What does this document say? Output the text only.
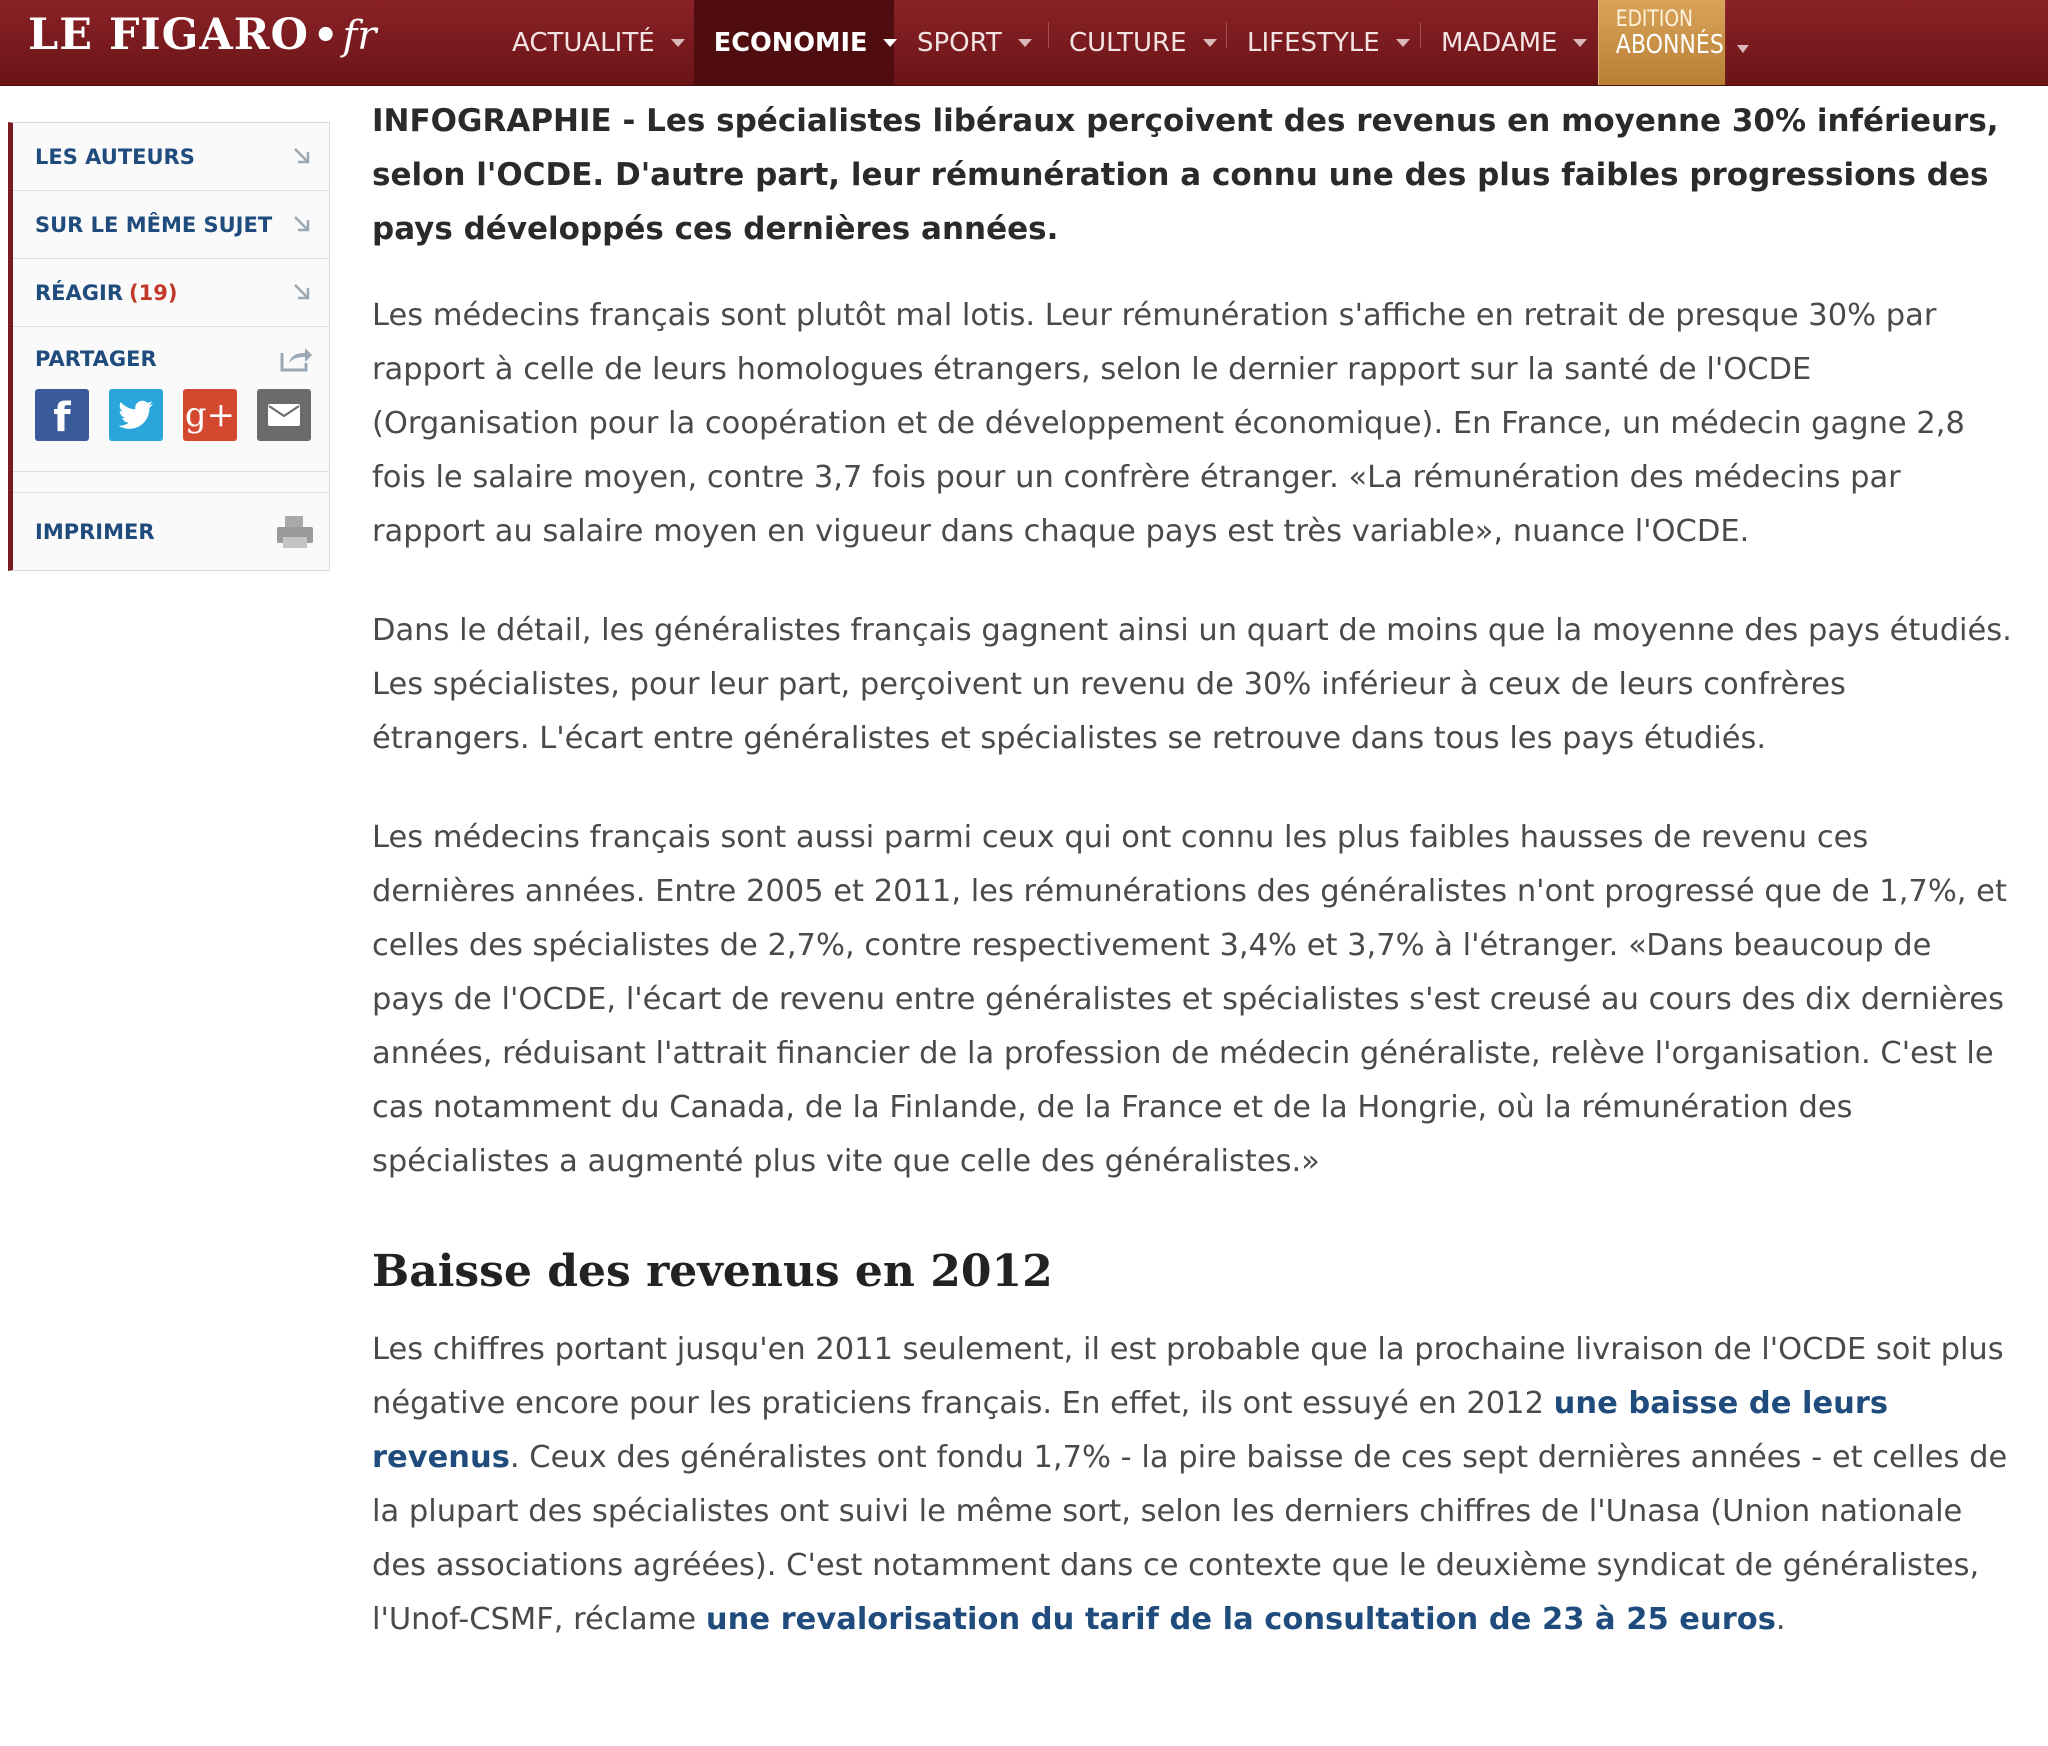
LE FIGARO • fr	ACTUALITÉ ECONOMIE SPORT	CULTURE LIFESTYLE MADAME
EDITION
ABONNÉS
LES AUTEURS
SUR LE MÊME SUJET
RÉAGIR (19)
PARTAGER
f	g+
IMPRIMER

INFOGRAPHIE - Les spécialistes libéraux perçoivent des revenus en moyenne 30% inférieurs, selon l'OCDE. D'autre part, leur rémunération a connu une des plus faibles progressions des pays développés ces dernières années.

Les médecins français sont plutôt mal lotis. Leur rémunération s'affiche en retrait de presque 30% par rapport à celle de leurs homologues étrangers, selon le dernier rapport sur la santé de l'OCDE (Organisation pour la coopération et de développement économique). En France, un médecin gagne 2,8 fois le salaire moyen, contre 3,7 fois pour un confrère étranger. «La rémunération des médecins par rapport au salaire moyen en vigueur dans chaque pays est très variable», nuance l'OCDE.

Dans le détail, les généralistes français gagnent ainsi un quart de moins que la moyenne des pays étudiés. Les spécialistes, pour leur part, perçoivent un revenu de 30% inférieur à ceux de leurs confrères étrangers. L'écart entre généralistes et spécialistes se retrouve dans tous les pays étudiés.

Les médecins français sont aussi parmi ceux qui ont connu les plus faibles hausses de revenu ces dernières années. Entre 2005 et 2011, les rémunérations des généralistes n'ont progressé que de 1,7%, et celles des spécialistes de 2,7%, contre respectivement 3,4% et 3,7% à l'étranger. «Dans beaucoup de pays de l'OCDE, l'écart de revenu entre généralistes et spécialistes s'est creusé au cours des dix dernières années, réduisant l'attrait financier de la profession de médecin généraliste, relève l'organisation. C'est le cas notamment du Canada, de la Finlande, de la France et de la Hongrie, où la rémunération des spécialistes a augmenté plus vite que celle des généralistes.»

Baisse des revenus en 2012

Les chiffres portant jusqu'en 2011 seulement, il est probable que la prochaine livraison de l'OCDE soit plus négative encore pour les praticiens français. En effet, ils ont essuyé en 2012 une baisse de leurs revenus. Ceux des généralistes ont fondu 1,7% - la pire baisse de ces sept dernières années - et celles de la plupart des spécialistes ont suivi le même sort, selon les derniers chiffres de l'Unasa (Union nationale des associations agréées). C'est notamment dans ce contexte que le deuxième syndicat de généralistes, l'Unof-CSMF, réclame une revalorisation du tarif de la consultation de 23 à 25 euros.
